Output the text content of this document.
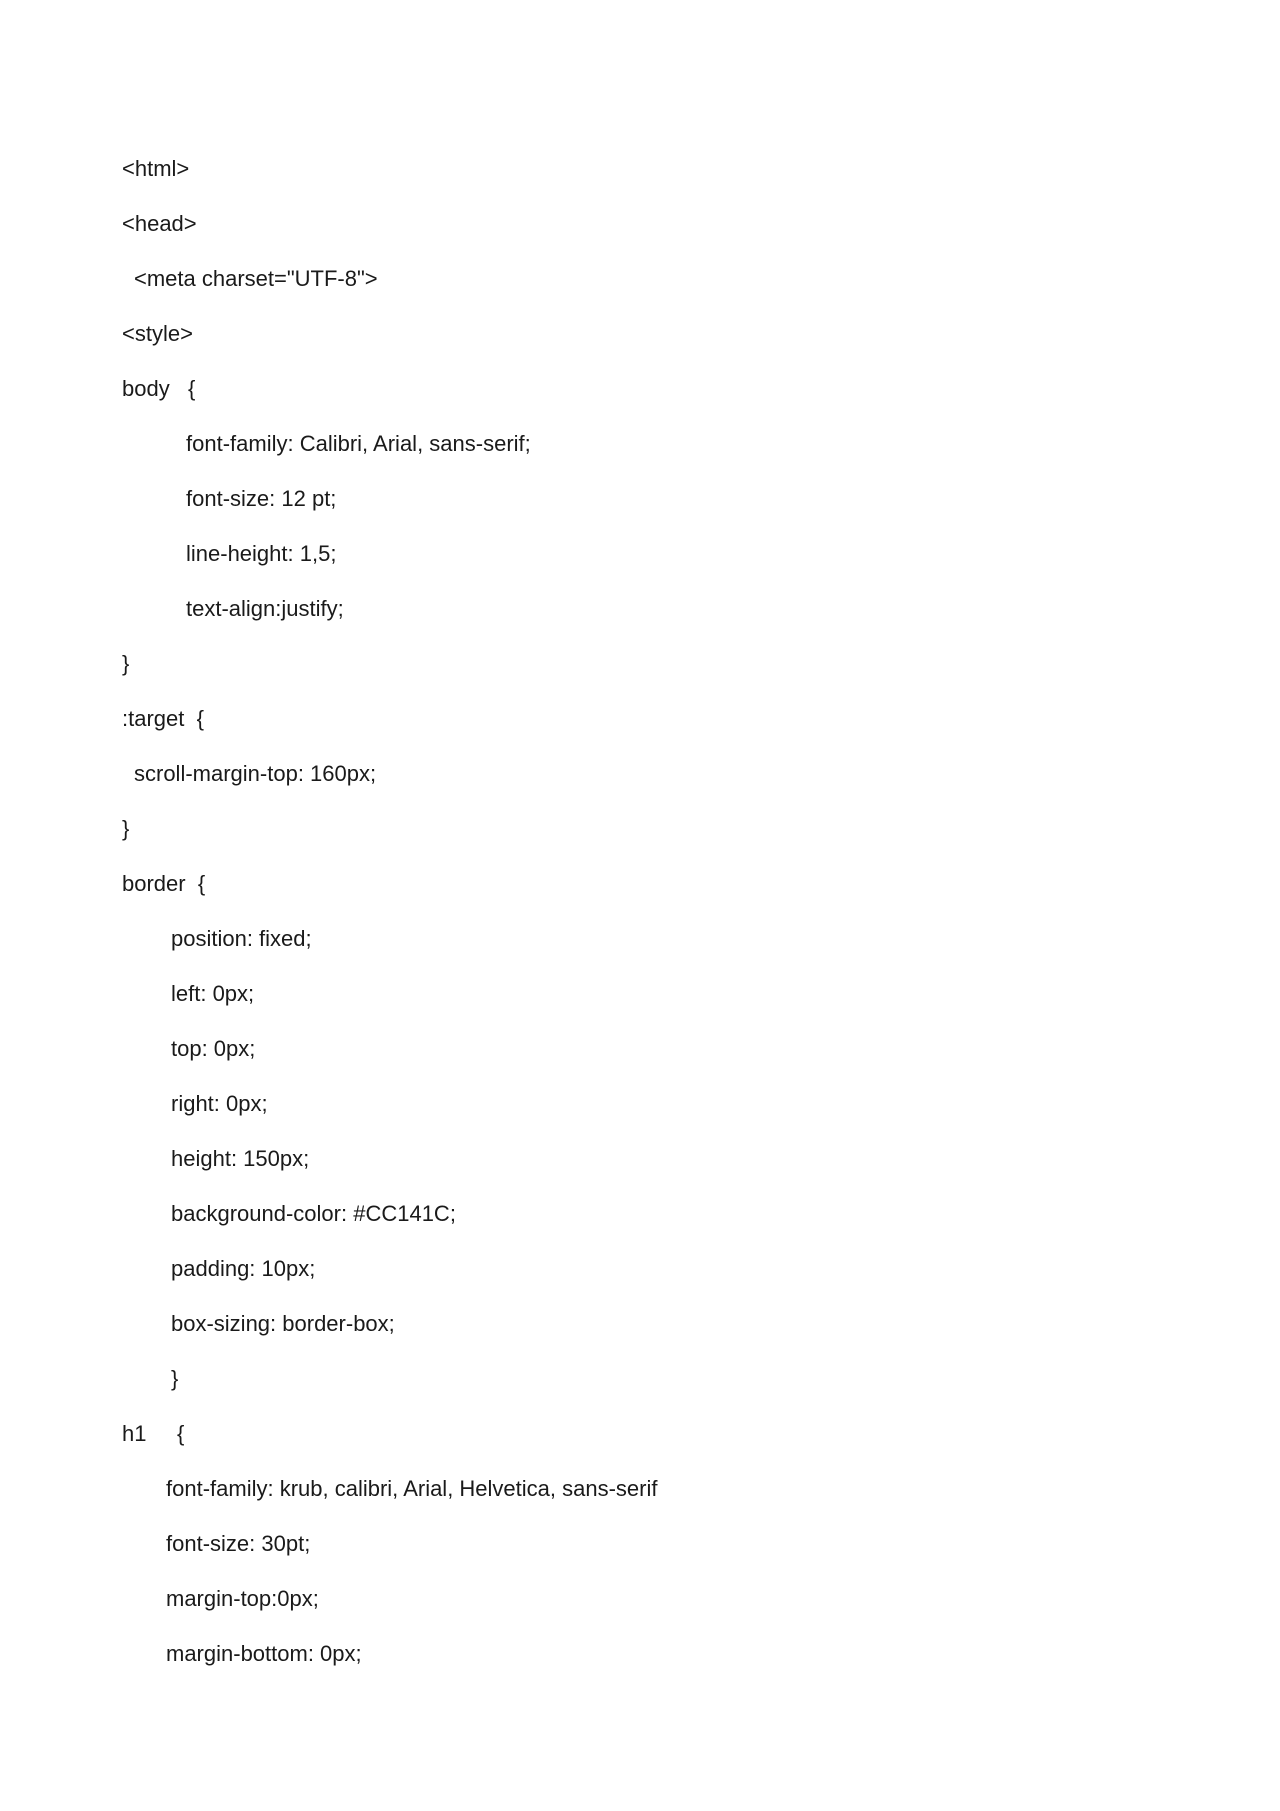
<html>
<head>
<meta charset="UTF-8">
<style>
body   {
font-family: Calibri, Arial, sans-serif;
font-size: 12 pt;
line-height: 1,5;
text-align:justify;
}
:target  {
scroll-margin-top: 160px;
}
border  {
position: fixed;
left: 0px;
top: 0px;
right: 0px;
height: 150px;
background-color: #CC141C;
padding: 10px;
box-sizing: border-box;
}
h1     {
font-family: krub, calibri, Arial, Helvetica, sans-serif
font-size: 30pt;
margin-top:0px;
margin-bottom: 0px;
